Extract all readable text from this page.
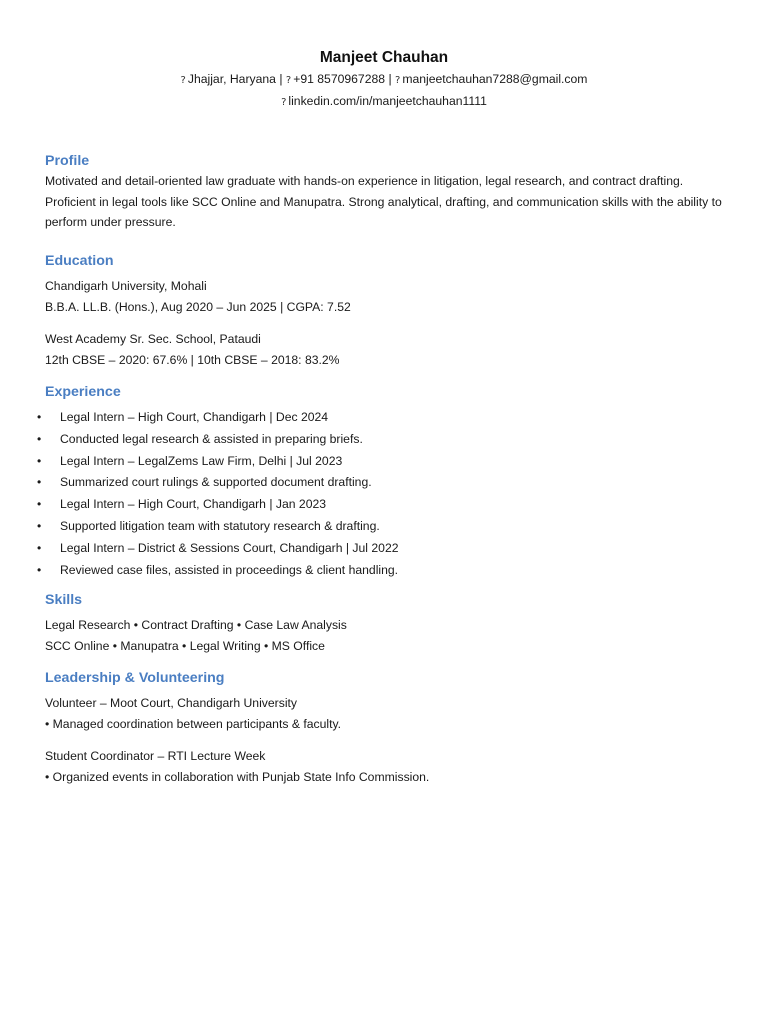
Manjeet Chauhan
? Jhajjar, Haryana | ? +91 8570967288 | ? manjeetchauhan7288@gmail.com
? linkedin.com/in/manjeetchauhan1111
Profile

Motivated and detail-oriented law graduate with hands-on experience in litigation, legal research, and contract drafting. Proficient in legal tools like SCC Online and Manupatra. Strong analytical, drafting, and communication skills with the ability to perform under pressure.

Education
Chandigarh University, Mohali
B.B.A. LL.B. (Hons.), Aug 2020 – Jun 2025 | CGPA: 7.52
West Academy Sr. Sec. School, Pataudi
12th CBSE – 2020: 67.6% | 10th CBSE – 2018: 83.2%
Experience
• Legal Intern – High Court, Chandigarh | Dec 2024
• Conducted legal research & assisted in preparing briefs.
• Legal Intern – LegalZems Law Firm, Delhi | Jul 2023
• Summarized court rulings & supported document drafting.
• Legal Intern – High Court, Chandigarh | Jan 2023
• Supported litigation team with statutory research & drafting.
• Legal Intern – District & Sessions Court, Chandigarh | Jul 2022
• Reviewed case files, assisted in proceedings & client handling.
Skills
Legal Research • Contract Drafting • Case Law Analysis
SCC Online • Manupatra • Legal Writing • MS Office
Leadership & Volunteering
Volunteer – Moot Court, Chandigarh University
• Managed coordination between participants & faculty.
Student Coordinator – RTI Lecture Week
• Organized events in collaboration with Punjab State Info Commission.
